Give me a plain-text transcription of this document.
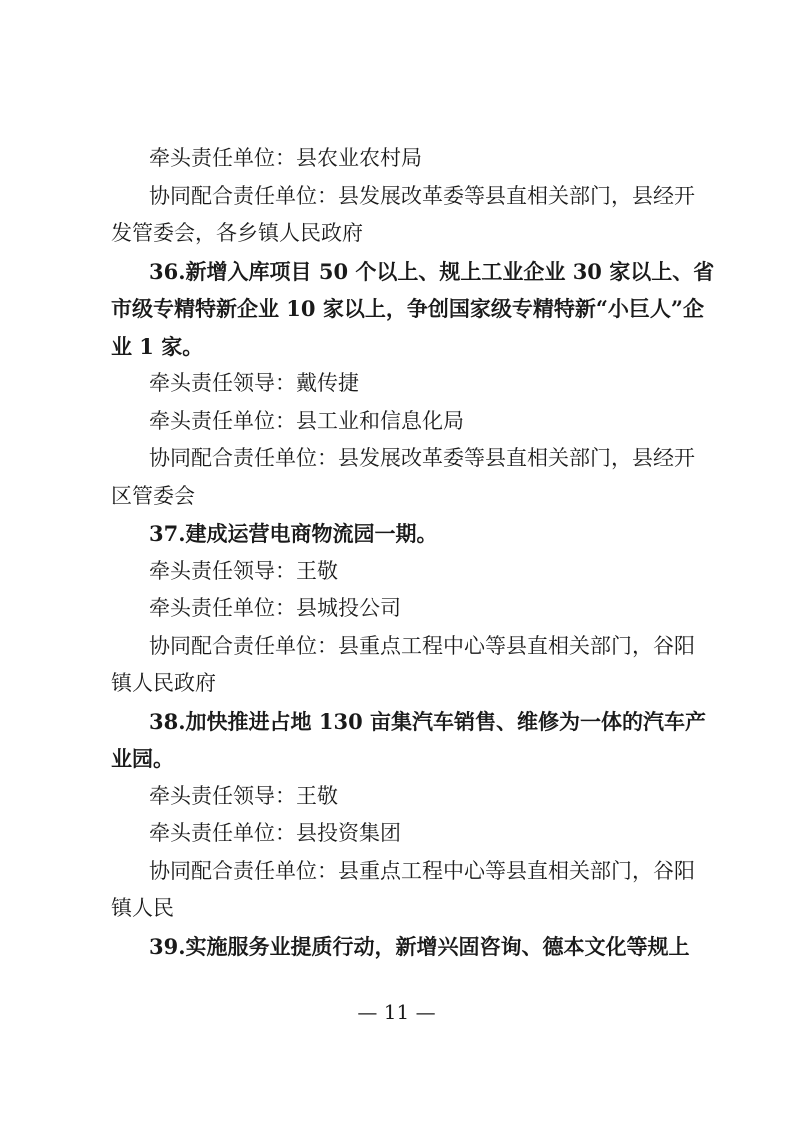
牵头责任单位：县农业农村局

协同配合责任单位：县发展改革委等县直相关部门，县经开

发管委会，各乡镇人民政府

36.新增入库项目 50 个以上、规上工业企业 30 家以上、省

市级专精特新企业 10 家以上，争创国家级专精特新“小巨人”企

业 1 家。

牵头责任领导：戴传捷

牵头责任单位：县工业和信息化局

协同配合责任单位：县发展改革委等县直相关部门，县经开

区管委会

37.建成运营电商物流园一期。

牵头责任领导：王敬

牵头责任单位：县城投公司

协同配合责任单位：县重点工程中心等县直相关部门，谷阳

镇人民政府

38.加快推进占地 130 亩集汽车销售、维修为一体的汽车产

业园。

牵头责任领导：王敬

牵头责任单位：县投资集团

协同配合责任单位：县重点工程中心等县直相关部门，谷阳

镇人民

39.实施服务业提质行动，新增兴固咨询、德本文化等规上

— 11 —
